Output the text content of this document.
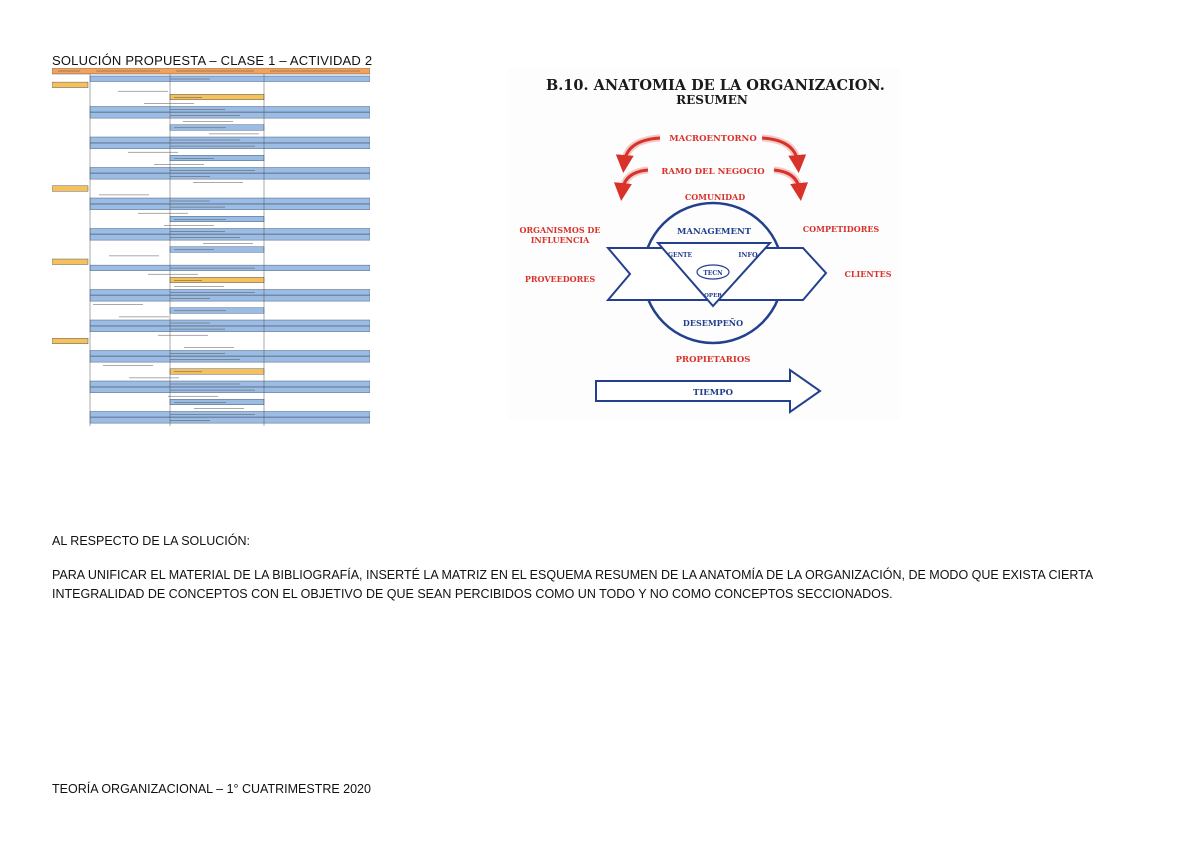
SOLUCIÓN PROPUESTA – CLASE 1 – ACTIVIDAD 2
B.10. ANATOMIA DE LA ORGANIZACION.
RESUMEN
MACROENTORNO
RAMO DEL NEGOCIO
COMUNIDAD
MANAGEMENT
GENTE	INFO
TECN
OPER
DESEMPEÑO
ORGANISMOS DE
INFLUENCIA
COMPETIDORES
PROVEEDORES	CLIENTES
PROPIETARIOS
TIEMPO
AL RESPECTO DE LA SOLUCIÓN:
PARA UNIFICAR EL MATERIAL DE LA BIBLIOGRAFÍA, INSERTÉ LA MATRIZ EN EL ESQUEMA RESUMEN DE LA ANATOMÍA DE LA ORGANIZACIÓN, DE MODO QUE EXISTA CIERTA INTEGRALIDAD DE CONCEPTOS CON EL OBJETIVO DE QUE SEAN PERCIBIDOS COMO UN TODO Y NO COMO CONCEPTOS SECCIONADOS.
TEORÍA ORGANIZACIONAL – 1° CUATRIMESTRE 2020
